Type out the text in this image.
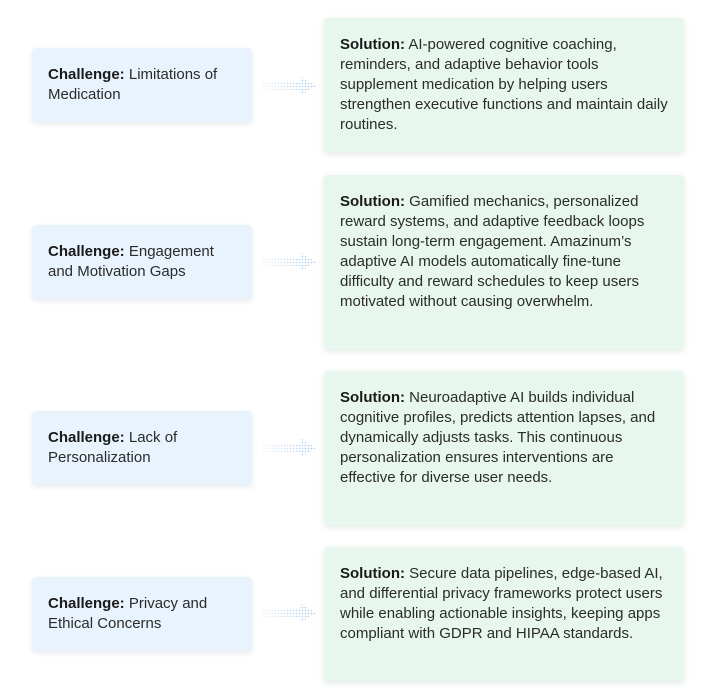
Challenge: Limitations of Medication
Solution: AI-powered cognitive coaching, reminders, and adaptive behavior tools supplement medication by helping users strengthen executive functions and maintain daily routines.
Challenge: Engagement and Motivation Gaps
Solution: Gamified mechanics, personalized reward systems, and adaptive feedback loops sustain long-term engagement. Amazinum’s adaptive AI models automatically fine-tune difficulty and reward schedules to keep users motivated without causing overwhelm.
Challenge: Lack of Personalization
Solution: Neuroadaptive AI builds individual cognitive profiles, predicts attention lapses, and dynamically adjusts tasks. This continuous personalization ensures interventions are effective for diverse user needs.
Challenge: Privacy and Ethical Concerns
Solution: Secure data pipelines, edge-based AI, and differential privacy frameworks protect users while enabling actionable insights, keeping apps compliant with GDPR and HIPAA standards.
